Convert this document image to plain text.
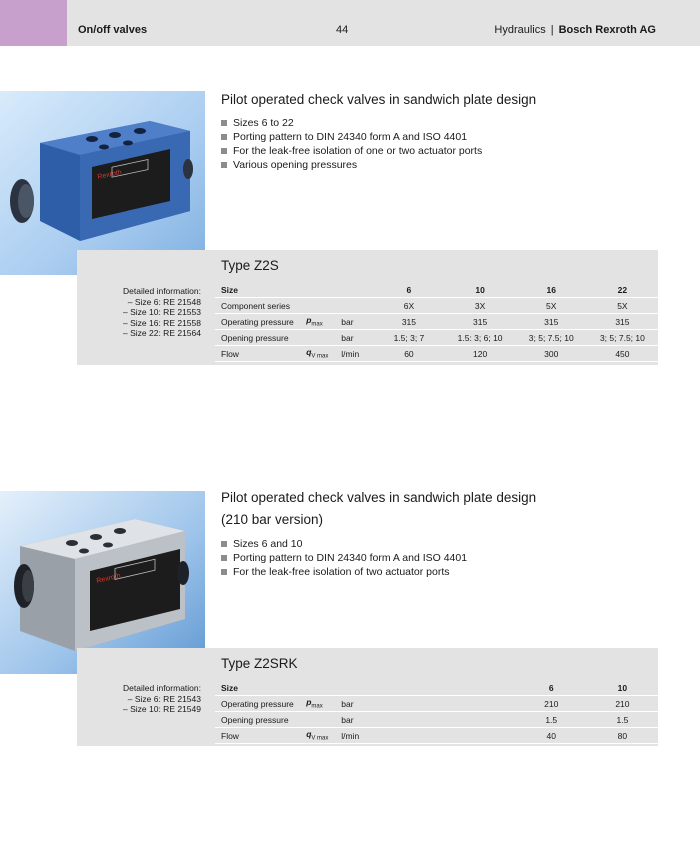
On/off valves	44	Hydraulics | Bosch Rexroth AG
Rexroth
Pilot operated check valves in sandwich plate design
Sizes 6 to 22
Porting pattern to DIN 24340 form A and ISO 4401
For the leak-free isolation of one or two actuator ports
Various opening pressures
Type Z2S
Detailed information:
– Size 6: RE 21548
– Size 10: RE 21553
– Size 16: RE 21558
– Size 22: RE 21564
Size			6	10	16	22
Component series			6X	3X	5X	5X
Operating pressure	$p_{max}$	bar	315	315	315	315
Opening pressure		bar	1.5; 3; 7	1.5: 3; 6; 10	3; 5; 7.5; 10	3; 5; 7.5; 10
Flow	$q_{V max}$	l/min	60	120	300	450
Rexroth
Pilot operated check valves in sandwich plate design
(210 bar version)
Sizes 6 and 10
Porting pattern to DIN 24340 form A and ISO 4401
For the leak-free isolation of two actuator ports
Type Z2SRK
Detailed information:
– Size 6: RE 21543
– Size 10: RE 21549
Size					6	10
Operating pressure	$p_{max}$	bar			210	210
Opening pressure		bar			1.5	1.5
Flow	$q_{V max}$	l/min			40	80
